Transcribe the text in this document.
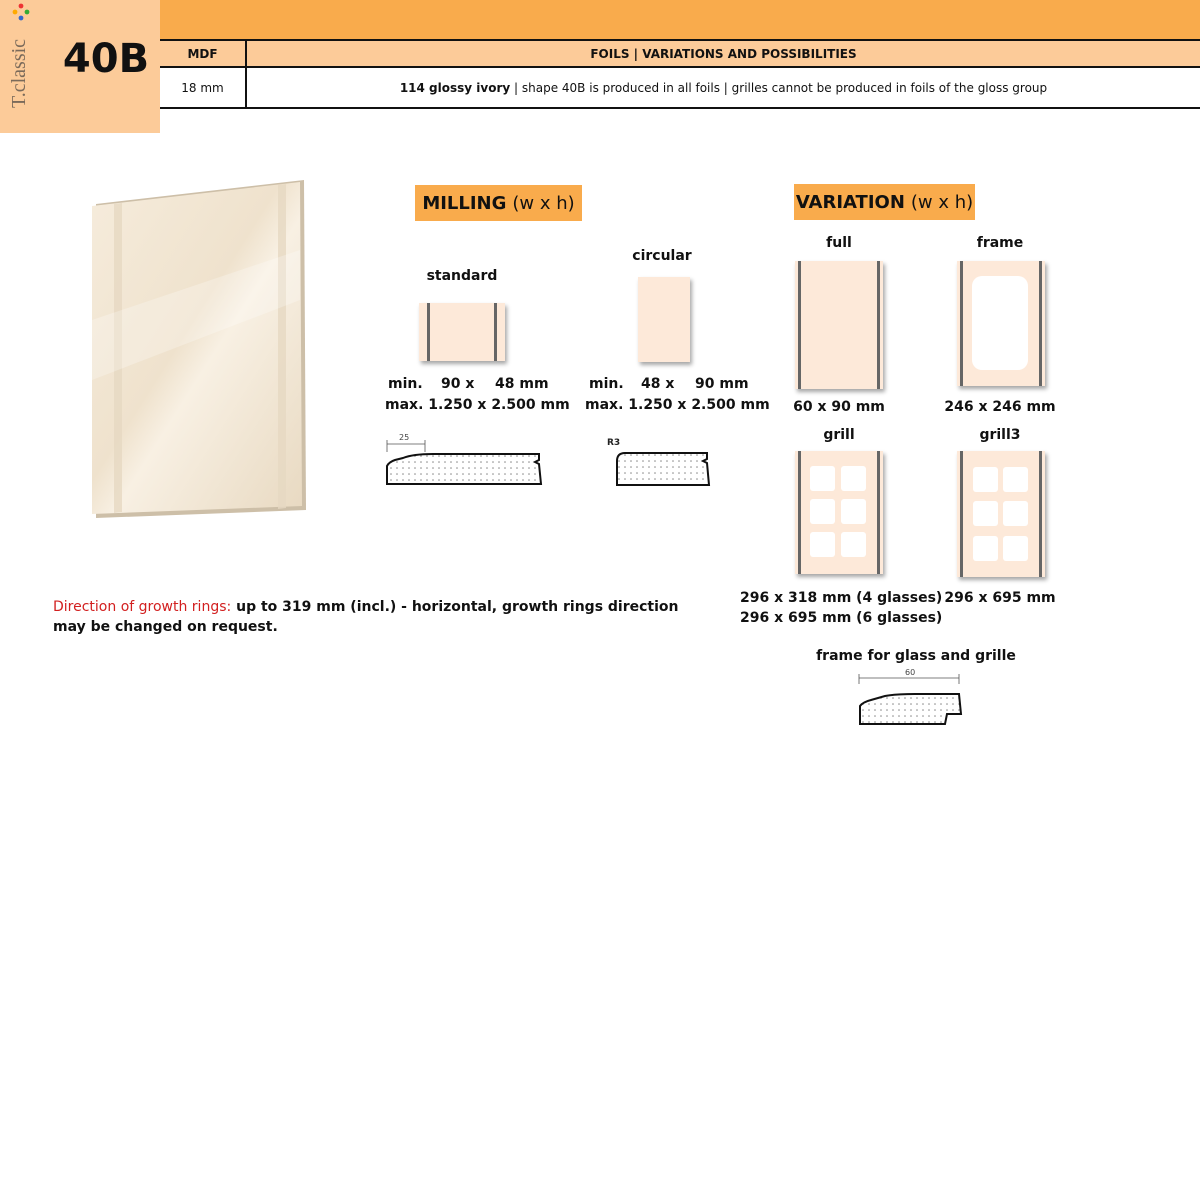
T.classic 40B	MDF	FOILS | VARIATIONS AND POSSIBILITIES
18 mm	114 glossy ivory | shape 40B is produced in all foils | grilles cannot be produced in foils of the gloss group
MILLING (w x h)
standard
min. 90 x 48 mm
max. 1.250 x 2.500 mm
25
circular
min. 48 x 90 mm
max. 1.250 x 2.500 mm
R3
VARIATION (w x h)
full
60 x 90 mm
frame
246 x 246 mm
grill
296 x 318 mm (4 glasses)
296 x 695 mm (6 glasses)
grill3
296 x 695 mm
frame for glass and grille
60
Direction of growth rings: up to 319 mm (incl.) - horizontal, growth rings direction may be changed on request.
